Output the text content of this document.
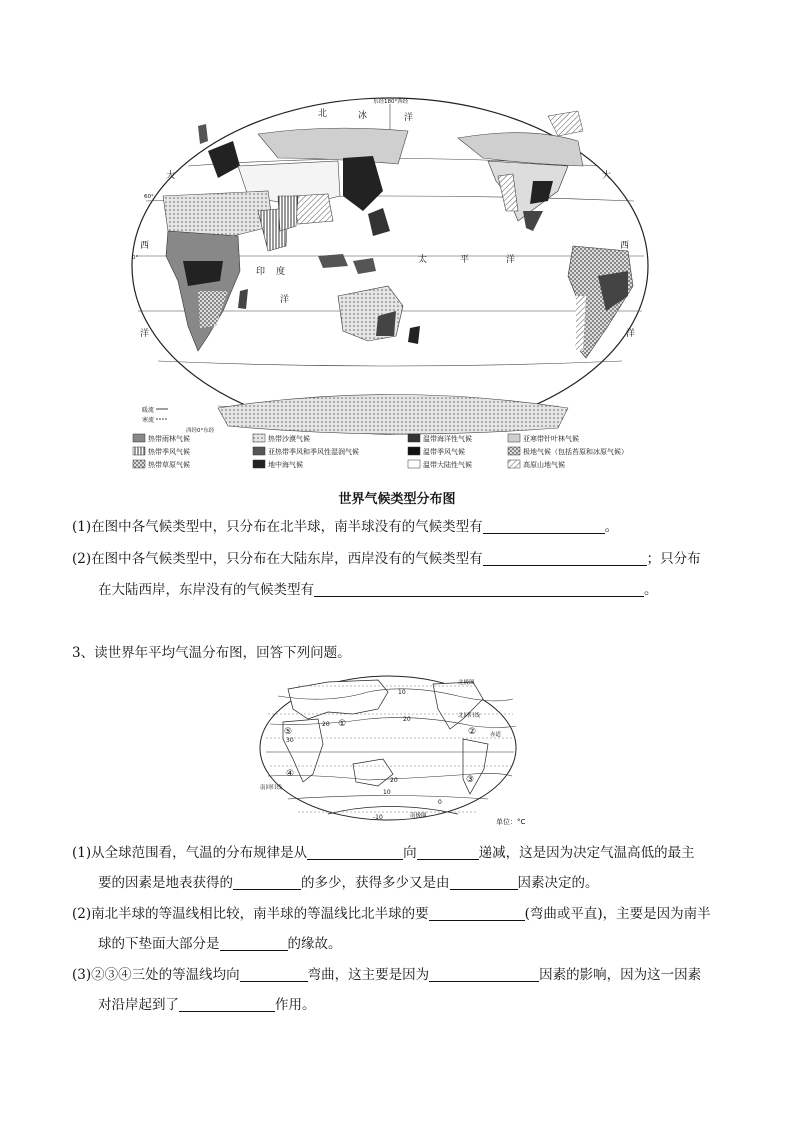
东经180°西经
西经0°东经
北	冰	洋
大
西
洋
大
西
洋
印 度
洋
太	平	洋
60°
0°
暖流
寒流
热带雨林气候	热带沙漠气候	温带海洋性气候	亚寒带针叶林气候
热带季风气候	亚热带季风和季风性湿润气候	温带季风气候	极地气候（包括苔原和冰原气候）
热带草原气候	地中海气候	温带大陆性气候	高原山地气候
世界气候类型分布图
(1)在图中各气候类型中，只分布在北半球，南半球没有的气候类型有	。
(2)在图中各气候类型中，只分布在大陆东岸，西岸没有的气候类型有	；只分布
在大陆西岸，东岸没有的气候类型有	。
3、读世界年平均气温分布图，回答下列问题。
北极圈
北回归线
赤道
南回归线
南极圈
10
20
20
30
20
10
0
-10
①
②
③
④
⑤
单位：°C
(1)从全球范围看，气温的分布规律是从	向	递减，这是因为决定气温高低的最主
要的因素是地表获得的	的多少，获得多少又是由	因素决定的。
(2)南北半球的等温线相比较，南半球的等温线比北半球的要	(弯曲或平直)，主要是因为南半
球的下垫面大部分是	的缘故。
(3)②③④三处的等温线均向	弯曲，这主要是因为	因素的影响，因为这一因素
对沿岸起到了	作用。
